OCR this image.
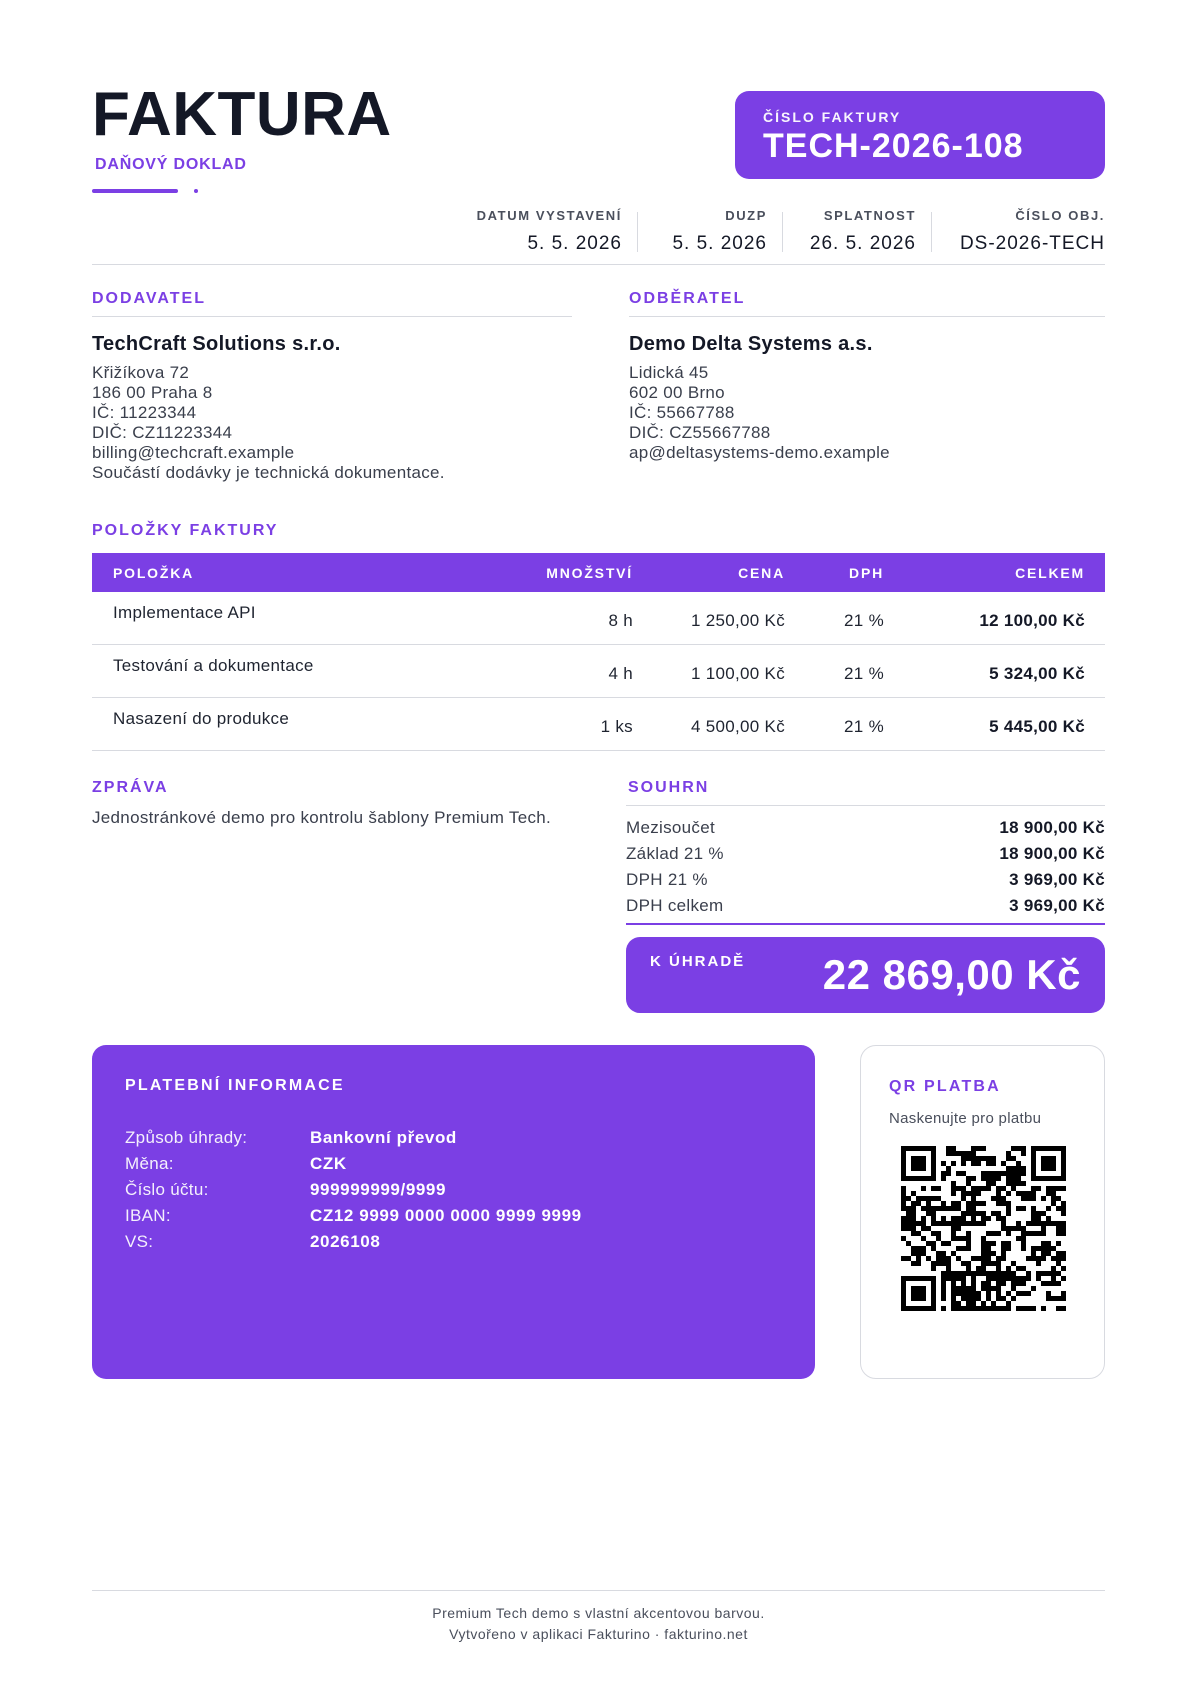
FAKTURA
DAŇOVÝ DOKLAD
ČÍSLO FAKTURY
TECH-2026-108
DATUM VYSTAVENÍ
5. 5. 2026
DUZP
5. 5. 2026
SPLATNOST
26. 5. 2026
ČÍSLO OBJ.
DS-2026-TECH
DODAVATEL
TechCraft Solutions s.r.o.
Křižíkova 72
186 00 Praha 8
IČ: 11223344
DIČ: CZ11223344
billing@techcraft.example
Součástí dodávky je technická dokumentace.
ODBĚRATEL
Demo Delta Systems a.s.
Lidická 45
602 00 Brno
IČ: 55667788
DIČ: CZ55667788
ap@deltasystems-demo.example
POLOŽKY FAKTURY
POLOŽKA	MNOŽSTVÍ	CENA	DPH	CELKEM
Implementace API	8 h	1 250,00 Kč	21 %	12 100,00 Kč
Testování a dokumentace	4 h	1 100,00 Kč	21 %	5 324,00 Kč
Nasazení do produkce	1 ks	4 500,00 Kč	21 %	5 445,00 Kč
ZPRÁVA
Jednostránkové demo pro kontrolu šablony Premium Tech.
SOUHRN
Mezisoučet	18 900,00 Kč
Základ 21 %	18 900,00 Kč
DPH 21 %	3 969,00 Kč
DPH celkem	3 969,00 Kč
K ÚHRADĚ 22 869,00 Kč
PLATEBNÍ INFORMACE
Způsob úhrady:	Bankovní převod
Měna:	CZK
Číslo účtu:	999999999/9999
IBAN:	CZ12 9999 0000 0000 9999 9999
VS:	2026108
QR PLATBA
Naskenujte pro platbu
Premium Tech demo s vlastní akcentovou barvou.
Vytvořeno v aplikaci Fakturino · fakturino.net
